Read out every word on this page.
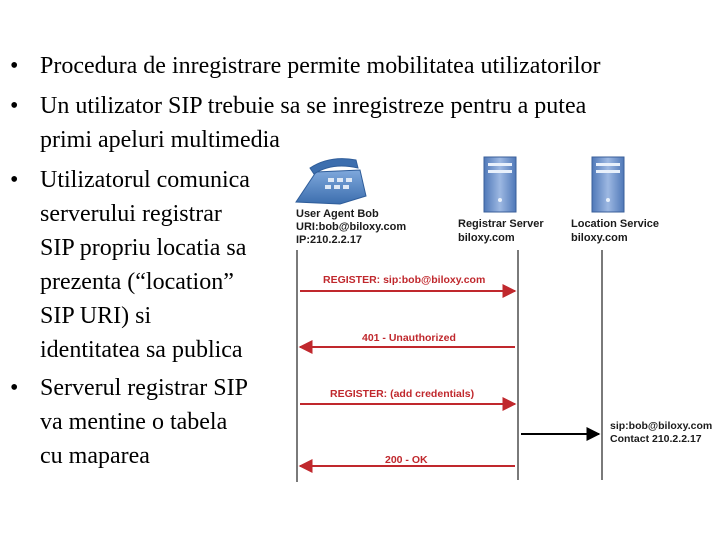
• Procedura de inregistrare permite mobilitatea utilizatorilor
• Un utilizator SIP trebuie sa se inregistreze pentru a putea
primi apeluri multimedia
• Utilizatorul comunica
serverului registrar
SIP propriu locatia sa
prezenta (“location”
SIP URI) si
identitatea sa publica
• Serverul registrar SIP
va mentine o tabela
cu maparea
User Agent Bob
URI:bob@biloxy.com
IP:210.2.2.17
Registrar Server
biloxy.com
Location Service
biloxy.com
REGISTER: sip:bob@biloxy.com
401 - Unauthorized
REGISTER: (add credentials)
200 - OK
sip:bob@biloxy.com
Contact 210.2.2.17
